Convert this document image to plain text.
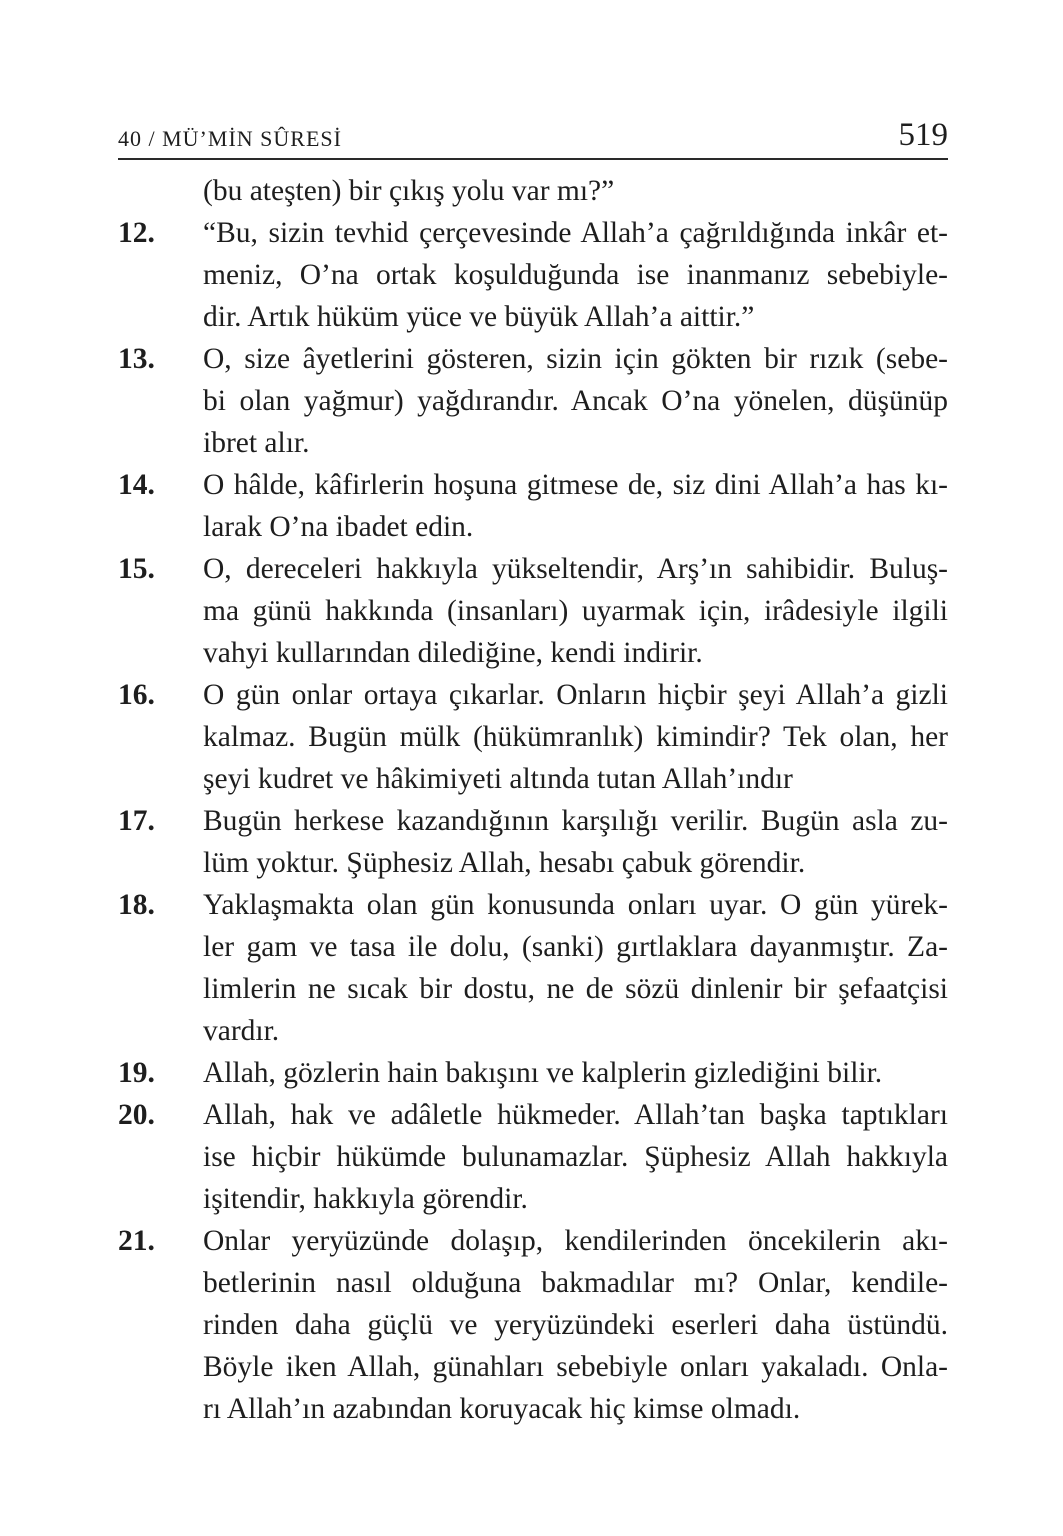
40 / MÜ’MİN SÛRESİ	519
(bu ateşten) bir çıkış yolu var mı?”
12. “Bu, sizin tevhid çerçevesinde Allah’a çağrıldığında inkâr et-
meniz, O’na ortak koşulduğunda ise inanmanız sebebiyle-
dir. Artık hüküm yüce ve büyük Allah’a aittir.”
13. O, size âyetlerini gösteren, sizin için gökten bir rızık (sebe-
bi olan yağmur) yağdırandır. Ancak O’na yönelen, düşünüp
ibret alır.
14. O hâlde, kâfirlerin hoşuna gitmese de, siz dini Allah’a has kı-
larak O’na ibadet edin.
15. O, dereceleri hakkıyla yükseltendir, Arş’ın sahibidir. Buluş-
ma günü hakkında (insanları) uyarmak için, irâdesiyle ilgili
vahyi kullarından dilediğine, kendi indirir.
16. O gün onlar ortaya çıkarlar. Onların hiçbir şeyi Allah’a gizli
kalmaz. Bugün mülk (hükümranlık) kimindir? Tek olan, her
şeyi kudret ve hâkimiyeti altında tutan Allah’ındır
17. Bugün herkese kazandığının karşılığı verilir. Bugün asla zu-
lüm yoktur. Şüphesiz Allah, hesabı çabuk görendir.
18. Yaklaşmakta olan gün konusunda onları uyar. O gün yürek-
ler gam ve tasa ile dolu, (sanki) gırtlaklara dayanmıştır. Za-
limlerin ne sıcak bir dostu, ne de sözü dinlenir bir şefaatçisi
vardır.
19. Allah, gözlerin hain bakışını ve kalplerin gizlediğini bilir.
20. Allah, hak ve adâletle hükmeder. Allah’tan başka taptıkları
ise hiçbir hükümde bulunamazlar. Şüphesiz Allah hakkıyla
işitendir, hakkıyla görendir.
21. Onlar yeryüzünde dolaşıp, kendilerinden öncekilerin akı-
betlerinin nasıl olduğuna bakmadılar mı? Onlar, kendile-
rinden daha güçlü ve yeryüzündeki eserleri daha üstündü.
Böyle iken Allah, günahları sebebiyle onları yakaladı. Onla-
rı Allah’ın azabından koruyacak hiç kimse olmadı.
